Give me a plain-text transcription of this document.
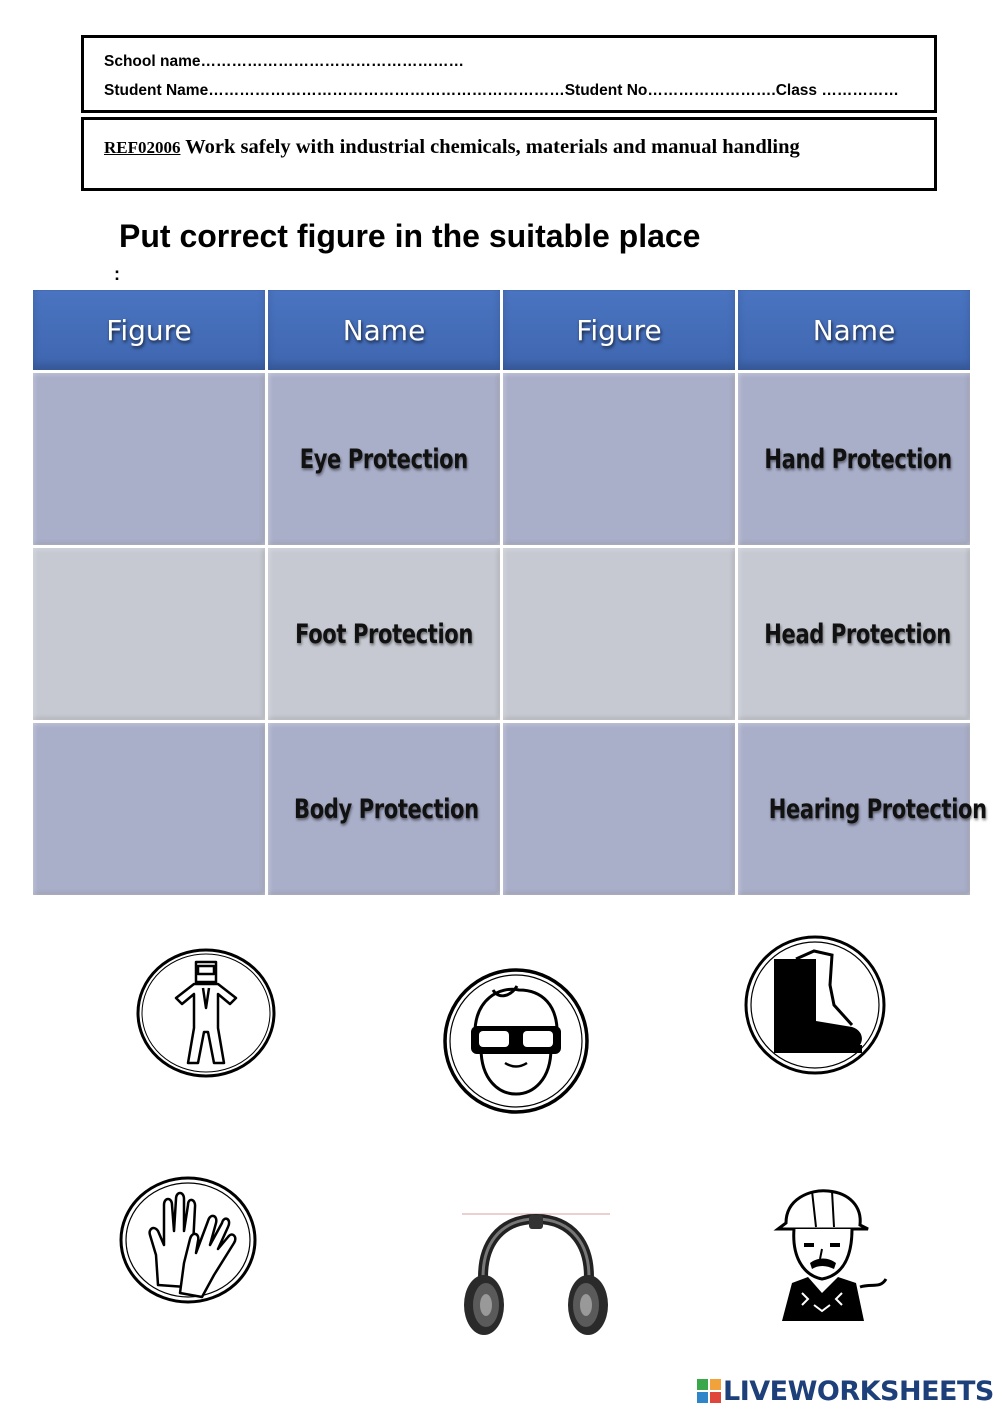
School name……………………………………………
Student Name……………………………………………………………Student No…………………….Class ……………
REF02006 Work safely with industrial chemicals, materials and manual handling
Put correct figure in the suitable place
:
Figure	Name	Figure	Name
	Eye Protection		Hand Protection
	Foot Protection		Head Protection
	Body Protection		Hearing Protection
LIVEWORKSHEETS
